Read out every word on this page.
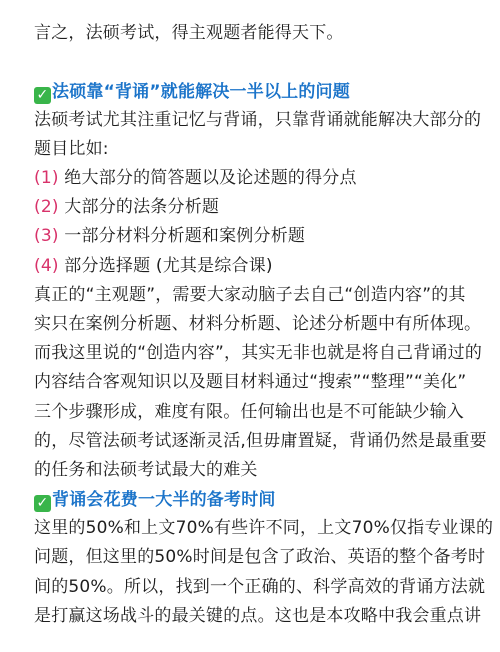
言之，法硕考试，得主观题者能得天下。
✓ 法硕靠“背诵”就能解决一半以上的问题
法硕考试尤其注重记忆与背诵，只靠背诵就能解决大部分的
题目比如:
(1) 绝大部分的简答题以及论述题的得分点
(2) 大部分的法条分析题
(3) 一部分材料分析题和案例分析题
(4) 部分选择题 (尤其是综合课)
真正的“主观题”，需要大家动脑子去自己“创造内容”的其
实只在案例分析题、材料分析题、论述分析题中有所体现。
而我这里说的“创造内容”，其实无非也就是将自己背诵过的
内容结合客观知识以及题目材料通过“搜索”“整理”“美化”
三个步骤形成，难度有限。任何输出也是不可能缺少输入
的，尽管法硕考试逐渐灵活,但毋庸置疑，背诵仍然是最重要
的任务和法硕考试最大的难关
✓ 背诵会花费一大半的备考时间
这里的50%和上文70%有些许不同，上文70%仅指专业课的
问题，但这里的50%时间是包含了政治、英语的整个备考时
间的50%。所以，找到一个正确的、科学高效的背诵方法就
是打赢这场战斗的最关键的点。这也是本攻略中我会重点讲
